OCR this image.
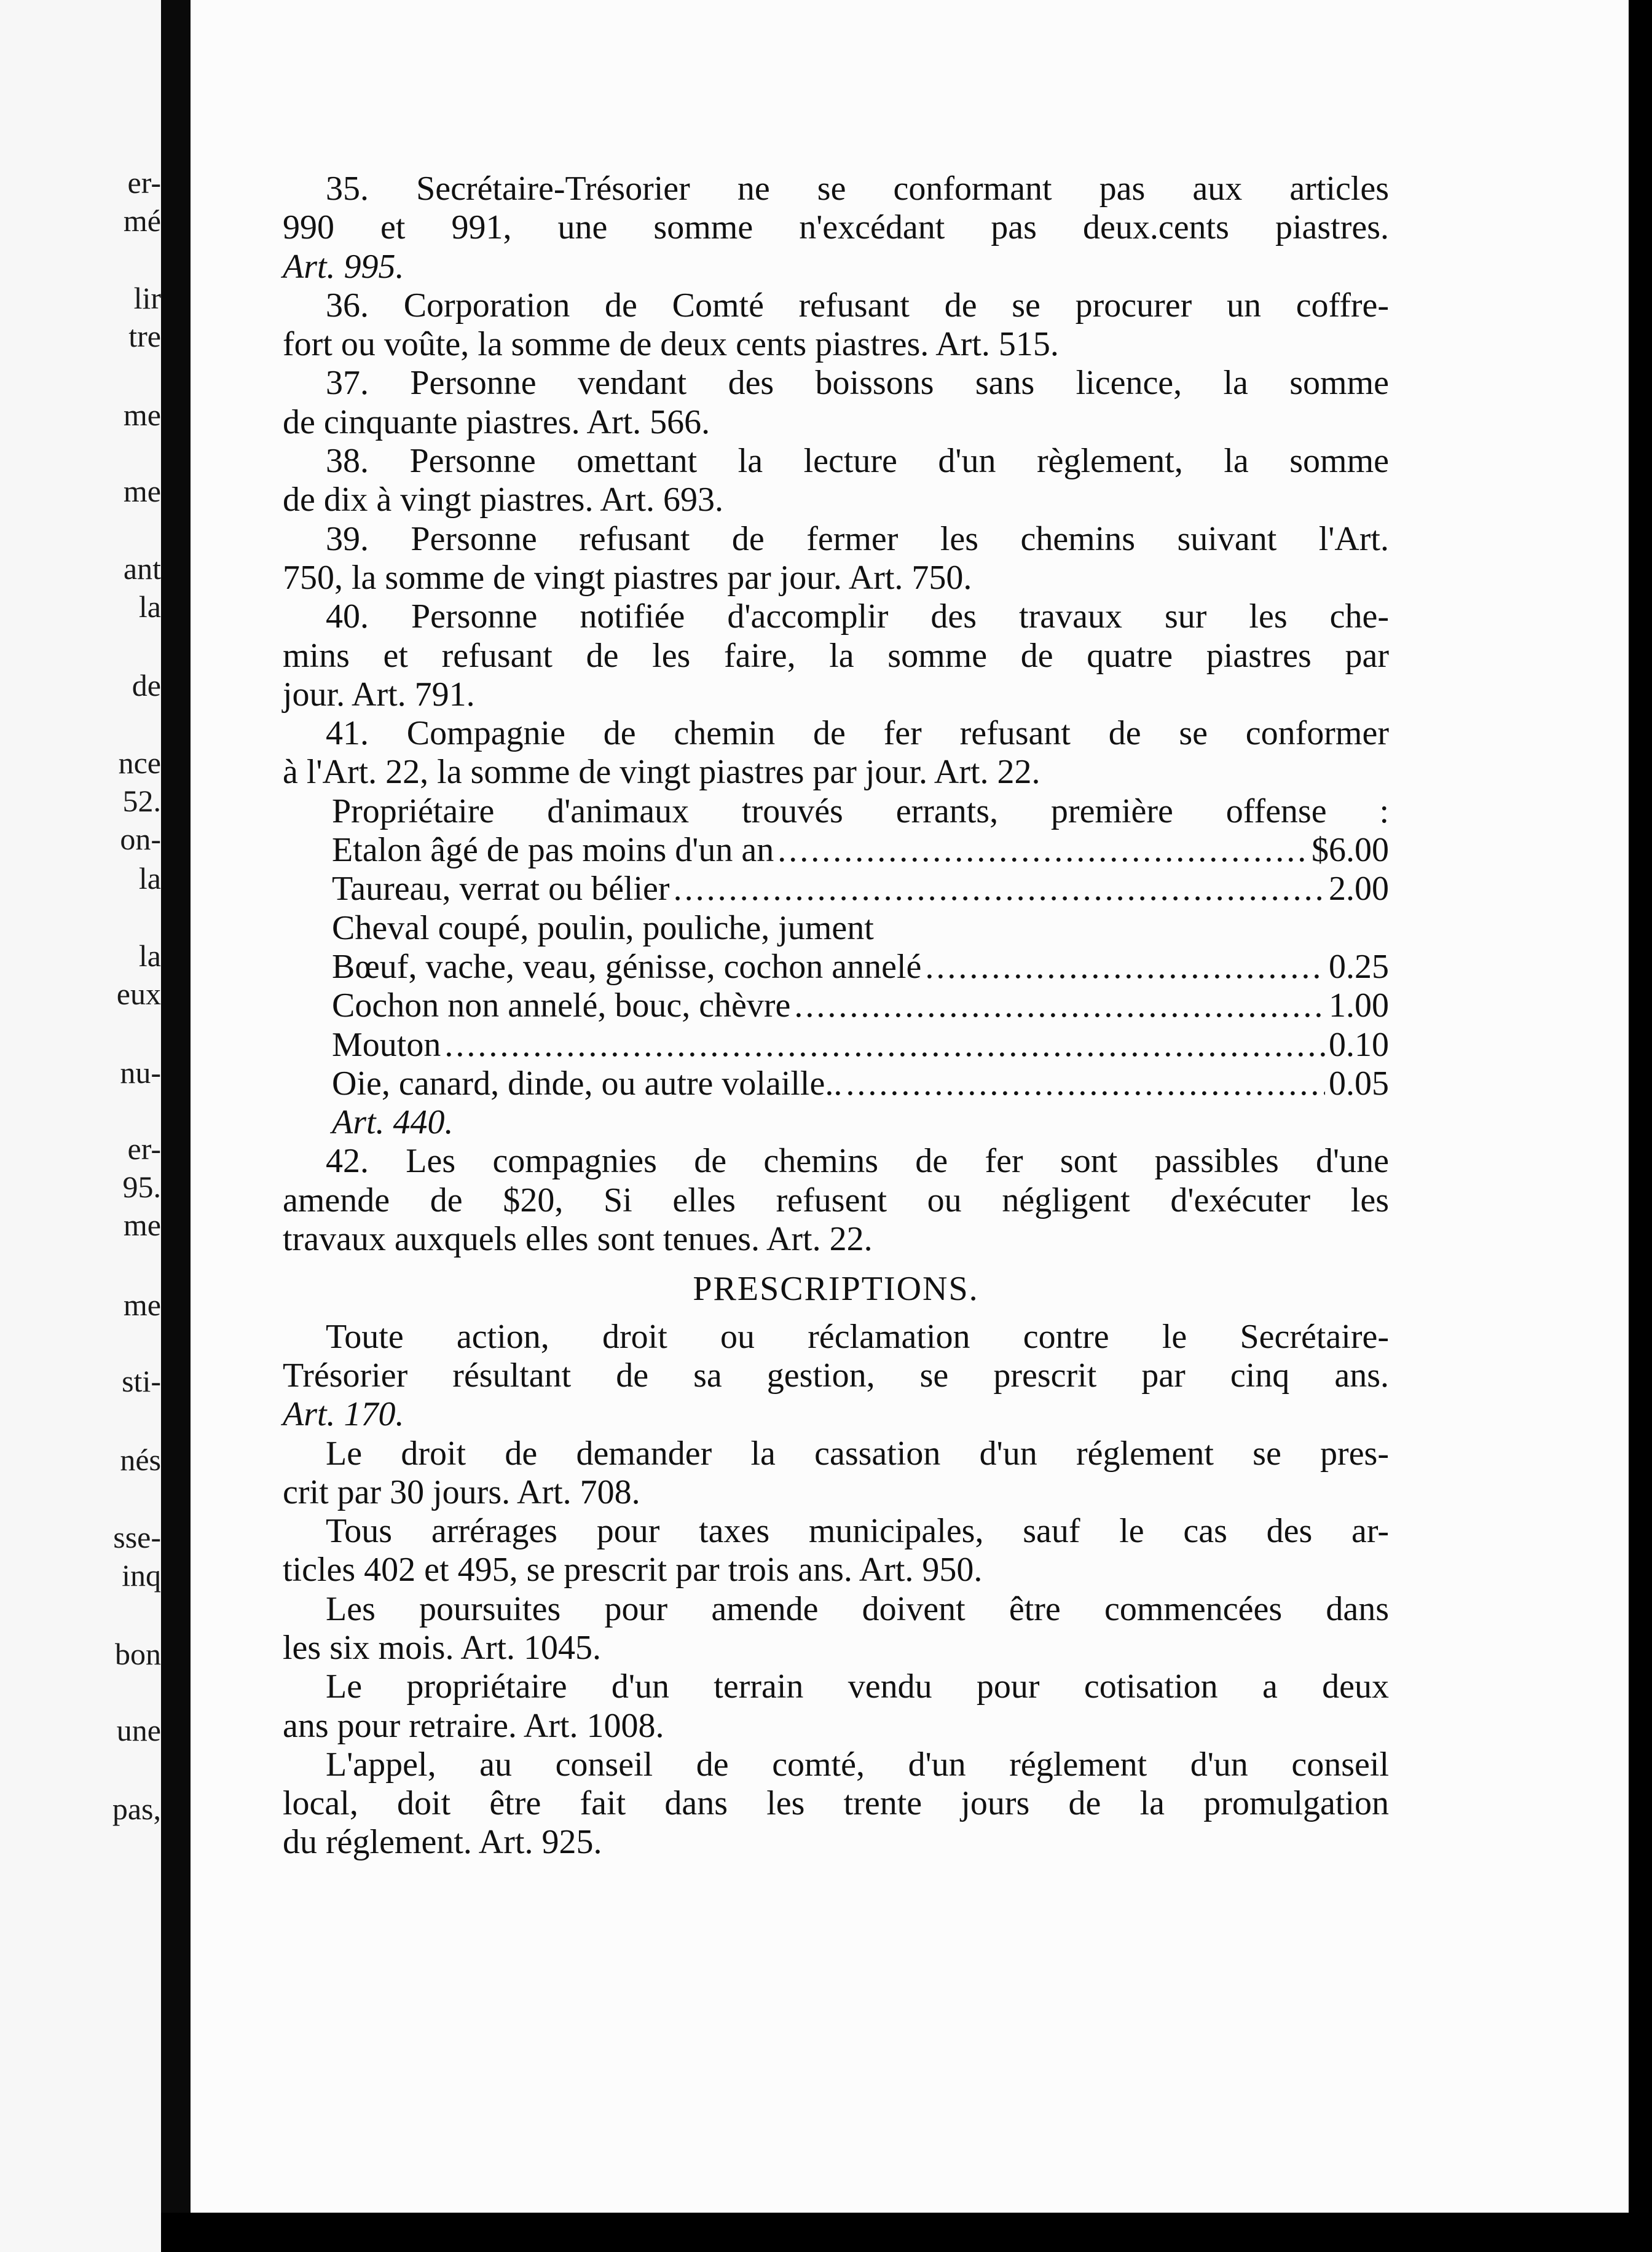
er-
mé
lir
tre
me
me
ant
la
de
nce
52.
on-
la
la
eux
nu-
er-
95.
me
me
sti-
nés
sse-
inq
bon
une
pas,
35. Secrétaire-Trésorier ne se conformant pas aux articles
990 et 991, une somme n'excédant pas deux.cents piastres.
Art. 995.
36. Corporation de Comté refusant de se procurer un coffre-
fort ou voûte, la somme de deux cents piastres. Art. 515.
37. Personne vendant des boissons sans licence, la somme
de cinquante piastres. Art. 566.
38. Personne omettant la lecture d'un règlement, la somme
de dix à vingt piastres. Art. 693.
39. Personne refusant de fermer les chemins suivant l'Art.
750, la somme de vingt piastres par jour. Art. 750.
40. Personne notifiée d'accomplir des travaux sur les che-
mins et refusant de les faire, la somme de quatre piastres par
jour. Art. 791.
41. Compagnie de chemin de fer refusant de se conformer
à l'Art. 22, la somme de vingt piastres par jour. Art. 22.
Propriétaire d'animaux trouvés errants, première offense :
Etalon âgé de pas moins d'un an .....	$6.00
Taureau, verrat ou bélier .....	2.00
Cheval coupé, poulin, pouliche, jument
Bœuf, vache, veau, génisse, cochon annelé .....	0.25
Cochon non annelé, bouc, chèvre .....	1.00
Mouton .....	0.10
Oie, canard, dinde, ou autre volaille.. .....	0.05
Art. 440.
42. Les compagnies de chemins de fer sont passibles d'une
amende de $20, Si elles refusent ou négligent d'exécuter les
travaux auxquels elles sont tenues. Art. 22.
PRESCRIPTIONS.
Toute action, droit ou réclamation contre le Secrétaire-
Trésorier résultant de sa gestion, se prescrit par cinq ans.
Art. 170.
Le droit de demander la cassation d'un réglement se pres-
crit par 30 jours. Art. 708.
Tous arrérages pour taxes municipales, sauf le cas des ar-
ticles 402 et 495, se prescrit par trois ans. Art. 950.
Les poursuites pour amende doivent être commencées dans
les six mois. Art. 1045.
Le propriétaire d'un terrain vendu pour cotisation a deux
ans pour retraire. Art. 1008.
L'appel, au conseil de comté, d'un réglement d'un conseil
local, doit être fait dans les trente jours de la promulgation
du réglement. Art. 925.
